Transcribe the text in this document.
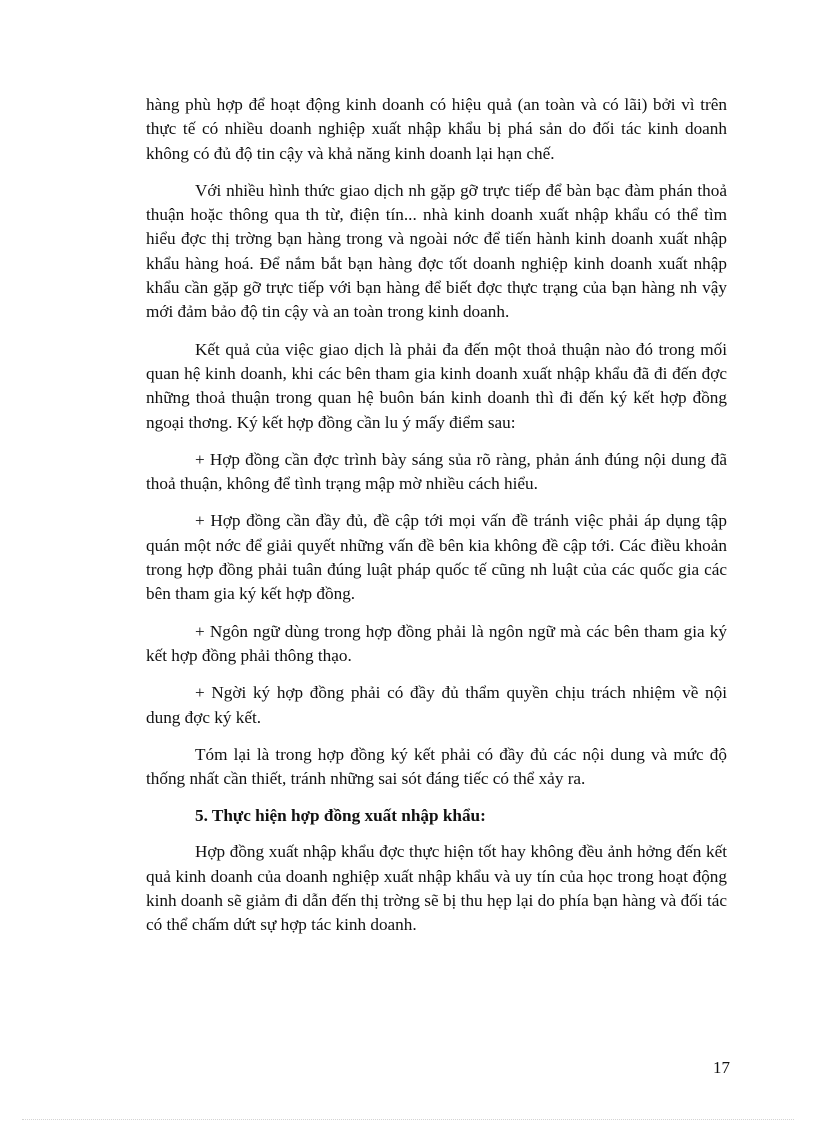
hàng phù hợp để hoạt động kinh doanh có hiệu quả (an toàn và có lãi) bởi vì trên thực tế có nhiều doanh nghiệp xuất nhập khẩu bị phá sản do đối tác kinh doanh không có đủ độ tin cậy và khả năng kinh doanh lại hạn chế.

Với nhiều hình thức giao dịch nh gặp gỡ trực tiếp để bàn bạc đàm phán thoả thuận hoặc thông qua th từ, điện tín... nhà kinh doanh xuất nhập khẩu có thể tìm hiểu đợc thị trờng bạn hàng trong và ngoài nớc để tiến hành kinh doanh xuất nhập khẩu hàng hoá. Để nắm bắt bạn hàng đợc tốt doanh nghiệp kinh doanh xuất nhập khẩu cần gặp gỡ trực tiếp với bạn hàng để biết đợc thực trạng của bạn hàng nh vậy mới đảm bảo độ tin cậy và an toàn trong kinh doanh.

Kết quả của việc giao dịch là phải đa đến một thoả thuận nào đó trong mối quan hệ kinh doanh, khi các bên tham gia kinh doanh xuất nhập khẩu đã đi đến đợc những thoả thuận trong quan hệ buôn bán kinh doanh thì đi đến ký kết hợp đồng ngoại thơng. Ký kết hợp đồng cần lu ý mấy điểm sau:

+ Hợp đồng cần đợc trình bày sáng sủa rõ ràng, phản ánh đúng nội dung đã thoả thuận, không để tình trạng mập mờ nhiều cách hiểu.

+ Hợp đồng cần đầy đủ, đề cập tới mọi vấn đề tránh việc phải áp dụng tập quán một nớc để giải quyết những vấn đề bên kia không đề cập tới. Các điều khoản trong hợp đồng phải tuân đúng luật pháp quốc tế cũng nh luật của các quốc gia các bên tham gia ký kết hợp đồng.

+ Ngôn ngữ dùng trong hợp đồng phải là ngôn ngữ mà các bên tham gia ký kết hợp đồng phải thông thạo.

+ Ngời ký hợp đồng phải có đầy đủ thẩm quyền chịu trách nhiệm về nội dung đợc ký kết.

Tóm lại là trong hợp đồng ký kết phải có đầy đủ các nội dung và mức độ thống nhất cần thiết, tránh những sai sót đáng tiếc có thể xảy ra.

5. Thực hiện hợp đồng xuất nhập khẩu:

Hợp đồng xuất nhập khẩu đợc thực hiện tốt hay không đều ảnh hởng đến kết quả kinh doanh của doanh nghiệp xuất nhập khẩu và uy tín của học trong hoạt động kinh doanh sẽ giảm đi dẫn đến thị trờng sẽ bị thu hẹp lại do phía bạn hàng và đối tác có thể chấm dứt sự hợp tác kinh doanh.

17
